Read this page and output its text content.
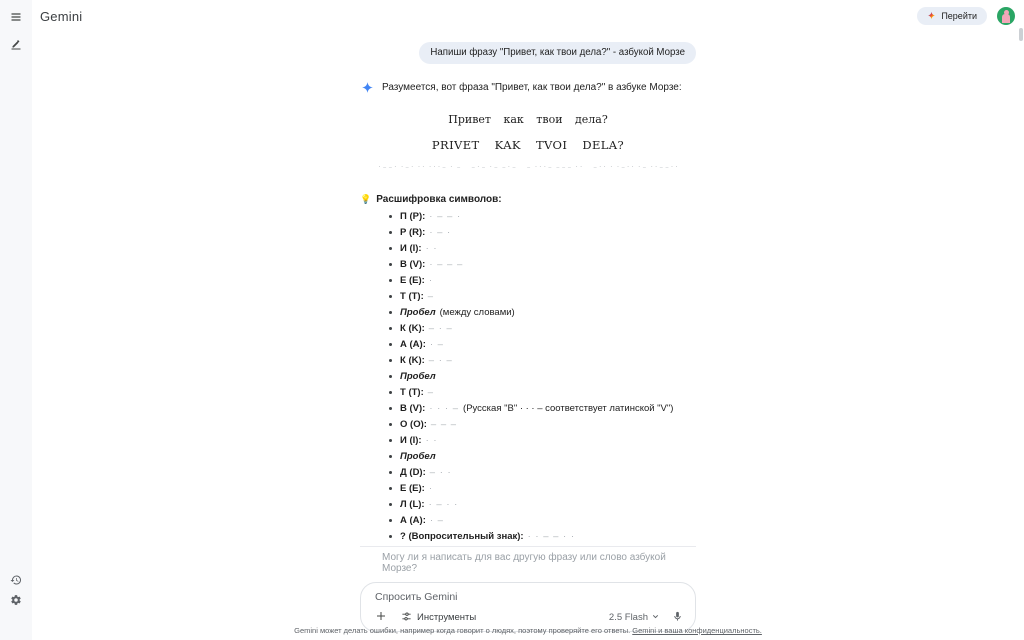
Gemini	Перейти
Напиши фразу "Привет, как твои дела?" - азбукой Морзе
Разумеется, вот фраза "Привет, как твои дела?" в азбуке Морзе:
Привет как твои дела?
PRIVET KAK TVOI DELA?
· – – ·  · – ·  · ·  · · · –  ·  –     – · –  · –  – · –     –  · · · –  – – –  · ·     – · ·  ·  · – · ·  · –  · · – – · ·
💡 Расшифровка символов:
П (P): · – – ·
Р (R): · – ·
И (I): · ·
В (V): · – – –
Е (E): ·
Т (Т): –
Пробел (между словами)
К (K): – · –
А (A): · –
К (K): – · –
Пробел
Т (Т): –
В (V): · · · – (Русская "В" · · · – соответствует латинской "V")
О (O): – – –
И (I): · ·
Пробел
Д (D): – · ·
Е (E): ·
Л (L): · – · ·
А (A): · –
? (Вопросительный знак): · · – – · ·
Могу ли я написать для вас другую фразу или слово азбукой Морзе?
Спросить Gemini
Инструменты	2.5 Flash
Gemini может делать ошибки, например когда говорит о людях, поэтому проверяйте его ответы. Gemini и ваша конфиденциальность.
